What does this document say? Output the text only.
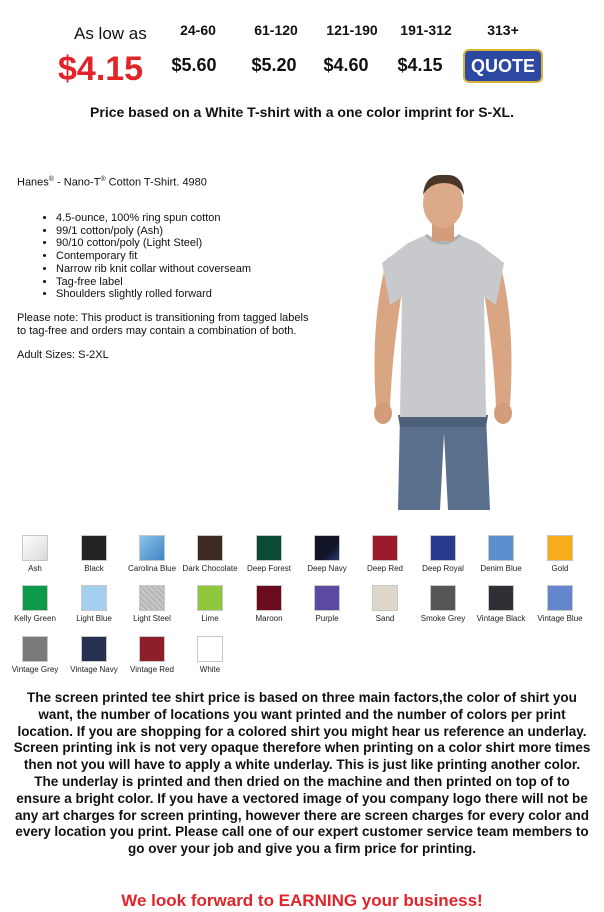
As low as
$4.15
24-60	61-120	121-190	191-312	313+
$5.60	$5.20	$4.60	$4.15	QUOTE
Price based on a White T-shirt with a one color imprint for S-XL.
Hanes® - Nano-T® Cotton T-Shirt. 4980
• 4.5-ounce, 100% ring spun cotton
• 99/1 cotton/poly (Ash)
• 90/10 cotton/poly (Light Steel)
• Contemporary fit
• Narrow rib knit collar without coverseam
• Tag-free label
• Shoulders slightly rolled forward
Please note: This product is transitioning from tagged labels to tag-free and orders may contain a combination of both.
Adult Sizes: S-2XL
Ash	Black	Carolina Blue Dark Chocolate	Deep Forest	Deep Navy	Deep Red	Deep Royal	Denim Blue	Gold
Kelly Green	Light Blue	Light Steel	Lime	Maroon	Purple	Sand	Smoke Grey	Vintage Black	Vintage Blue
Vintage Grey	Vintage Navy	Vintage Red	White
The screen printed tee shirt price is based on three main factors,the color of shirt you want, the number of locations you want printed and the number of colors per print location. If you are shopping for a colored shirt you might hear us reference an underlay. Screen printing ink is not very opaque therefore when printing on a color shirt more times then not you will have to apply a white underlay. This is just like printing another color. The underlay is printed and then dried on the machine and then printed on top of to ensure a bright color. If you have a vectored image of you company logo there will not be any art charges for screen printing, however there are screen charges for every color and every location you print. Please call one of our expert customer service team members to go over your job and give you a firm price for printing.
We look forward to EARNING your business!
